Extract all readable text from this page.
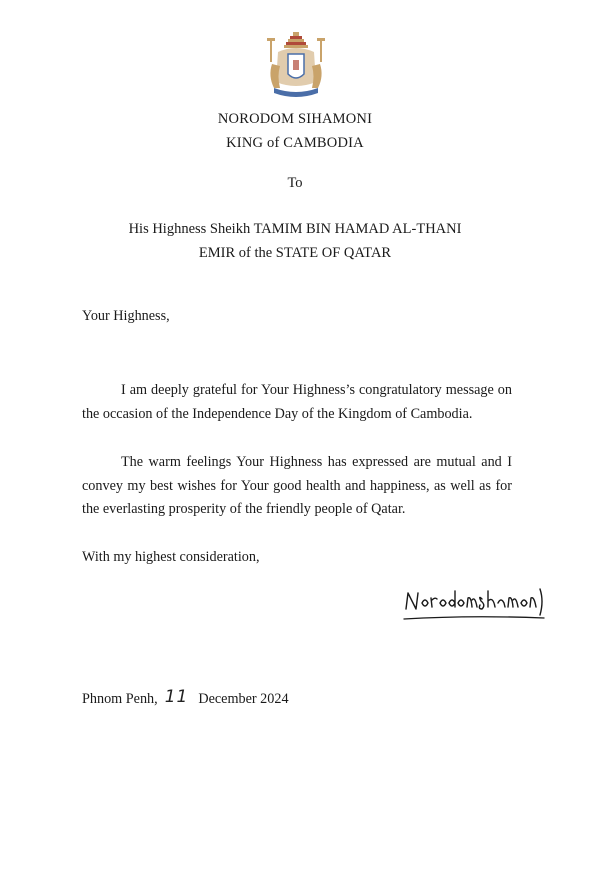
NORODOM SIHAMONI
KING of CAMBODIA
To
His Highness Sheikh TAMIM BIN HAMAD AL-THANI
EMIR of the STATE OF QATAR
Your Highness,
I am deeply grateful for Your Highness’s congratulatory message on the occasion of the Independence Day of the Kingdom of Cambodia.
The warm feelings Your Highness has expressed are mutual and I convey my best wishes for Your good health and happiness, as well as for the everlasting prosperity of the friendly people of Qatar.
With my highest consideration,
Phnom Penh, 11 December 2024
